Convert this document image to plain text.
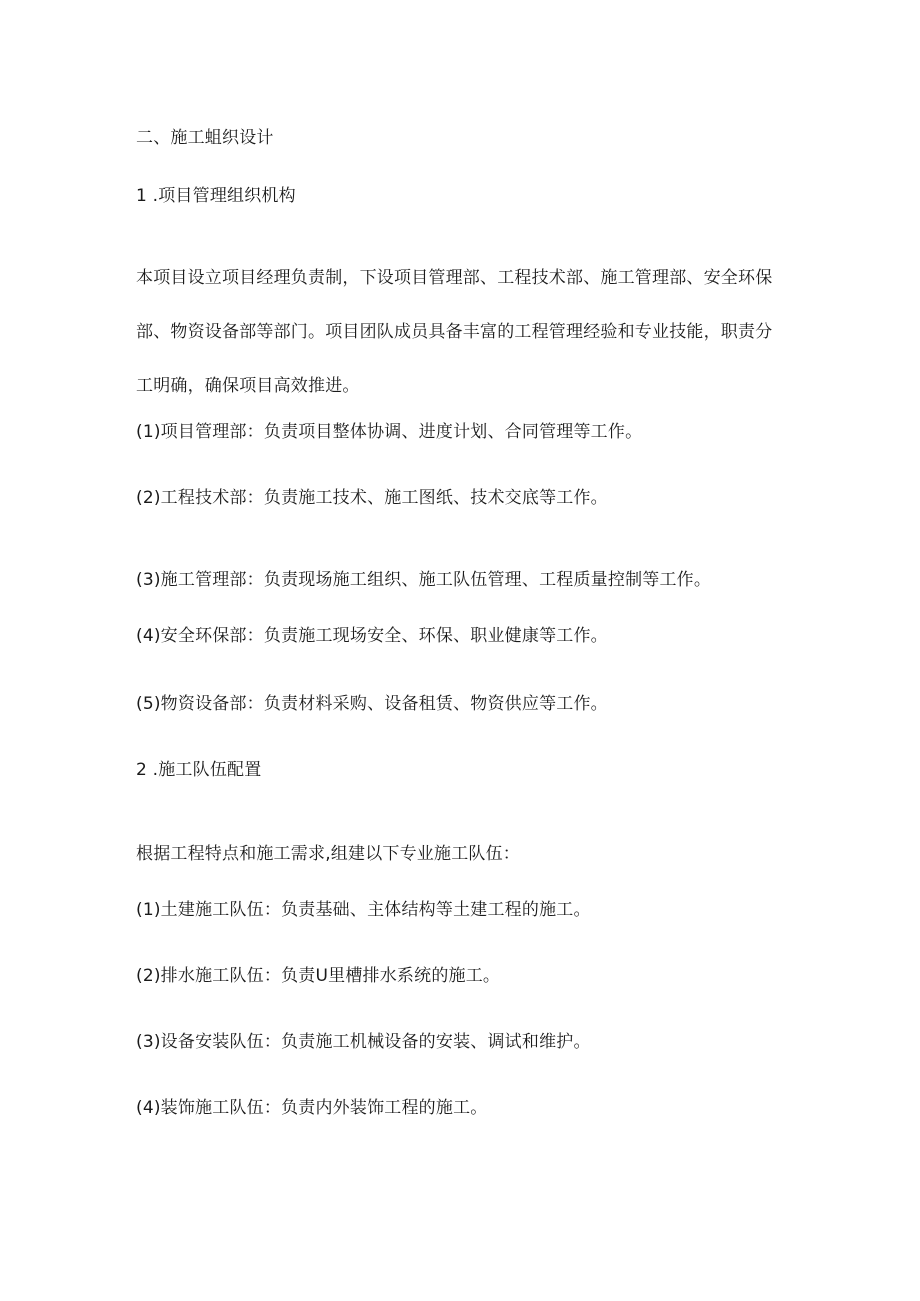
二、施工蛆织设计
1 .项目管理组织机构
本项目设立项目经理负责制，下设项目管理部、工程技术部、施工管理部、安全环保
部、物资设备部等部门。项目团队成员具备丰富的工程管理经验和专业技能，职责分
工明确，确保项目高效推进。
(1)项目管理部：负责项目整体协调、进度计划、合同管理等工作。
(2)工程技术部：负责施工技术、施工图纸、技术交底等工作。
(3)施工管理部：负责现场施工组织、施工队伍管理、工程质量控制等工作。
(4)安全环保部：负责施工现场安全、环保、职业健康等工作。
(5)物资设备部：负责材料采购、设备租赁、物资供应等工作。
2 .施工队伍配置
根据工程特点和施工需求,组建以下专业施工队伍：
(1)土建施工队伍：负责基础、主体结构等土建工程的施工。
(2)排水施工队伍：负责U里槽排水系统的施工。
(3)设备安装队伍：负责施工机械设备的安装、调试和维护。
(4)装饰施工队伍：负责内外装饰工程的施工。
